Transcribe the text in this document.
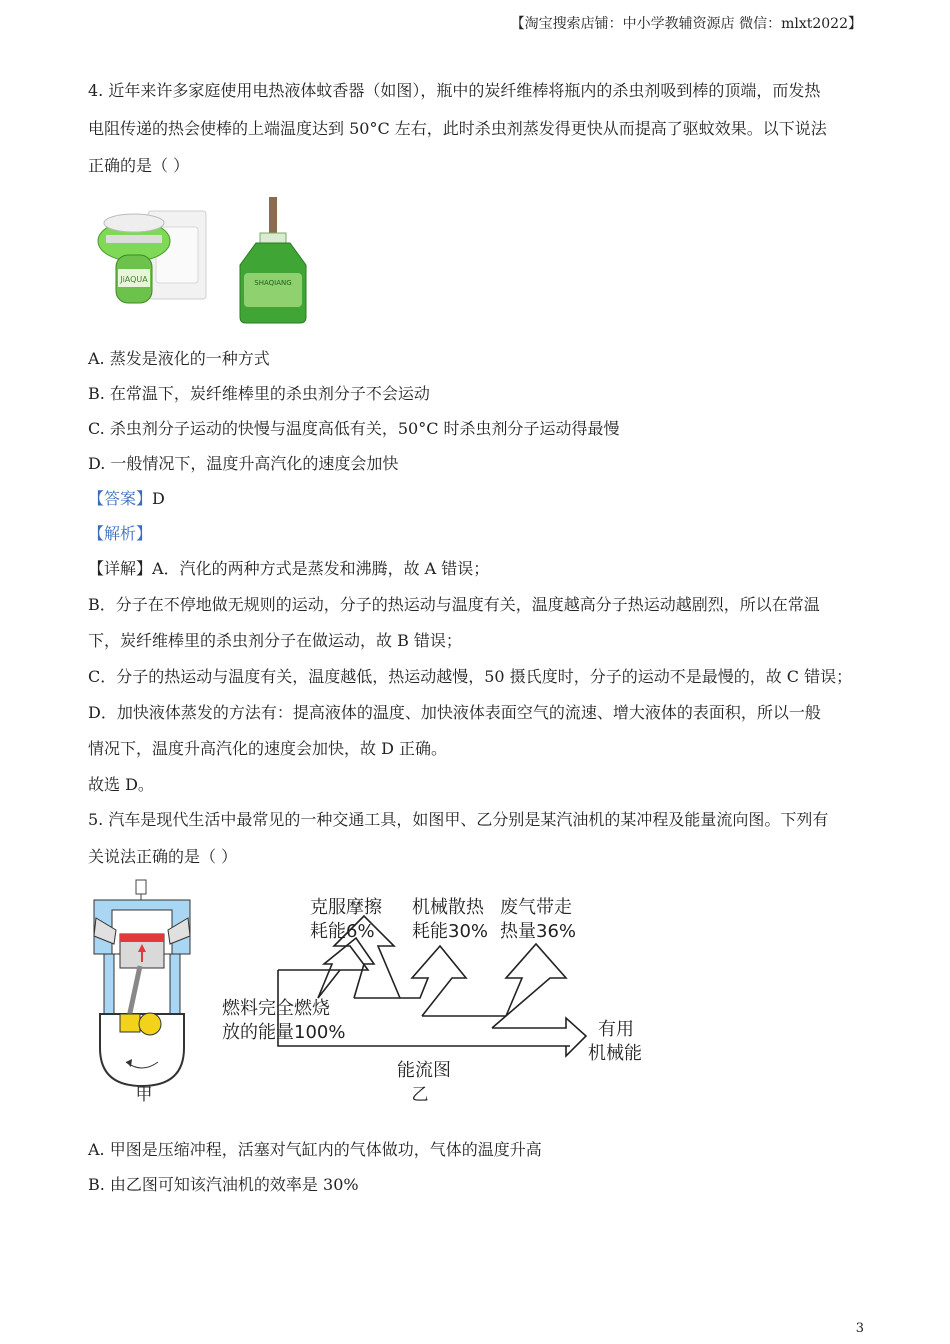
【淘宝搜索店铺：中小学教辅资源店 微信：mlxt2022】
4. 近年来许多家庭使用电热液体蚊香器（如图），瓶中的炭纤维棒将瓶内的杀虫剂吸到棒的顶端，而发热
电阻传递的热会使棒的上端温度达到 50°C 左右，此时杀虫剂蒸发得更快从而提高了驱蚊效果。以下说法
正确的是（ ）
JiAQUA	SHAQIANG
A. 蒸发是液化的一种方式
B. 在常温下，炭纤维棒里的杀虫剂分子不会运动
C. 杀虫剂分子运动的快慢与温度高低有关，50°C 时杀虫剂分子运动得最慢
D. 一般情况下，温度升高汽化的速度会加快
【答案】D
【解析】
【详解】A．汽化的两种方式是蒸发和沸腾，故 A 错误；
B．分子在不停地做无规则的运动，分子的热运动与温度有关，温度越高分子热运动越剧烈，所以在常温
下，炭纤维棒里的杀虫剂分子在做运动，故 B 错误；
C．分子的热运动与温度有关，温度越低，热运动越慢，50 摄氏度时，分子的运动不是最慢的，故 C 错误；
D．加快液体蒸发的方法有：提高液体的温度、加快液体表面空气的流速、增大液体的表面积，所以一般
情况下，温度升高汽化的速度会加快，故 D 正确。
故选 D。
5. 汽车是现代生活中最常见的一种交通工具，如图甲、乙分别是某汽油机的某冲程及能量流向图。下列有
关说法正确的是（ ）
甲
克服摩擦
耗能6%
机械散热
耗能30%
废气带走
热量36%
燃料完全燃烧
放的能量100%	有用
机械能
能流图
乙
A. 甲图是压缩冲程，活塞对气缸内的气体做功，气体的温度升高
B. 由乙图可知该汽油机的效率是 30%
3
